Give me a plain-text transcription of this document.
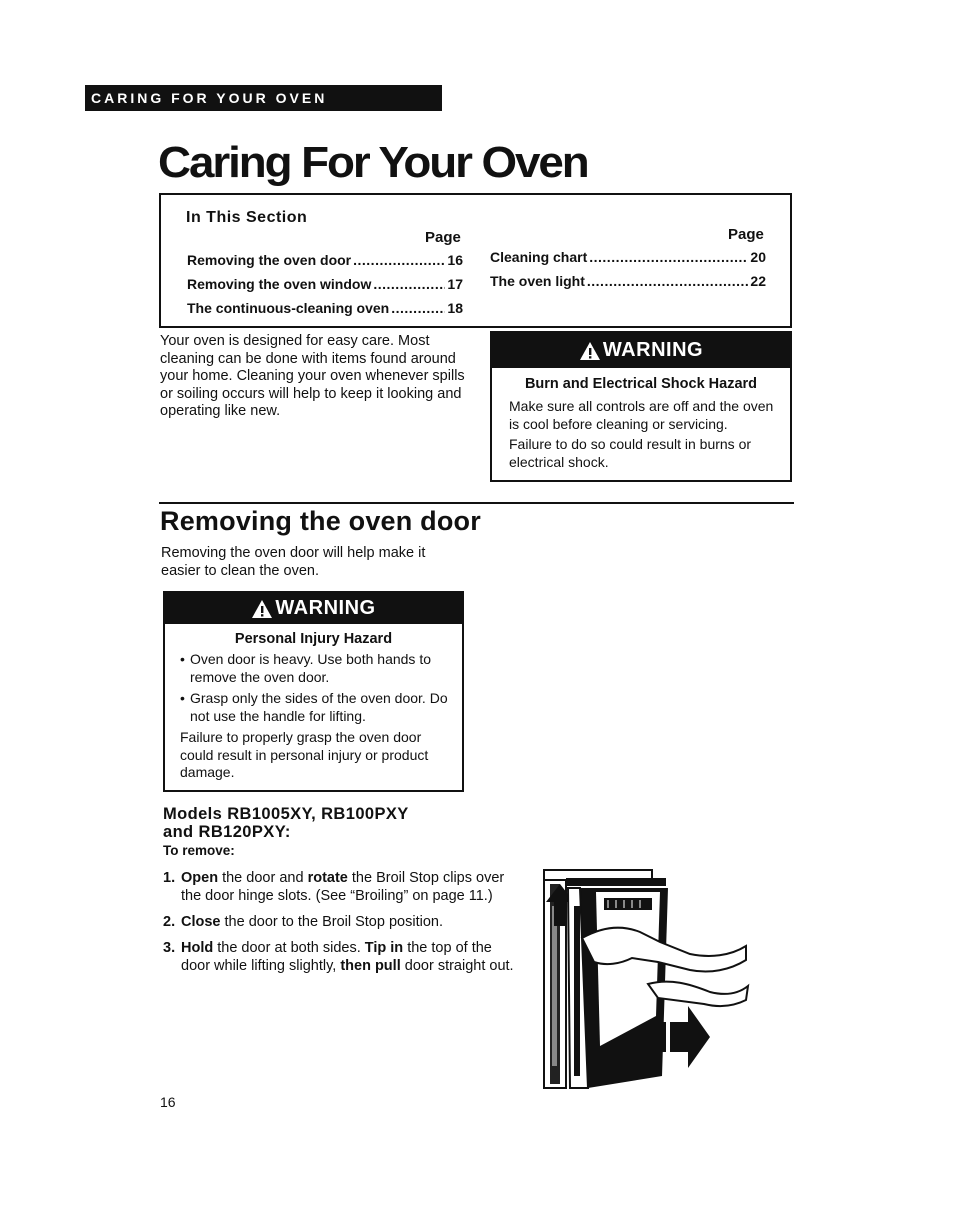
CARING FOR YOUR OVEN
Caring For Your Oven
In This Section
Page	Page
Removing the oven door .....	16
Removing the oven window .....	17
The continuous-cleaning oven .....	18
Cleaning chart .....	20
The oven light .....	22
Your oven is designed for easy care. Most cleaning can be done with items found around your home. Cleaning your oven whenever spills or soiling occurs will help to keep it looking and operating like new.
WARNING
Burn and Electrical Shock Hazard
Make sure all controls are off and the oven is cool before cleaning or servicing.
Failure to do so could result in burns or electrical shock.
Removing the oven door
Removing the oven door will help make it easier to clean the oven.
WARNING
Personal Injury Hazard
• Oven door is heavy. Use both hands to remove the oven door.
• Grasp only the sides of the oven door. Do not use the handle for lifting.
Failure to properly grasp the oven door could result in personal injury or product damage.
Models RB1005XY, RB100PXY
and RB120PXY:
To remove:
1. Open the door and rotate the Broil Stop clips over the door hinge slots. (See “Broiling” on page 11.)
2. Close the door to the Broil Stop position.
3. Hold the door at both sides. Tip in the top of the door while lifting slightly, then pull door straight out.
16
